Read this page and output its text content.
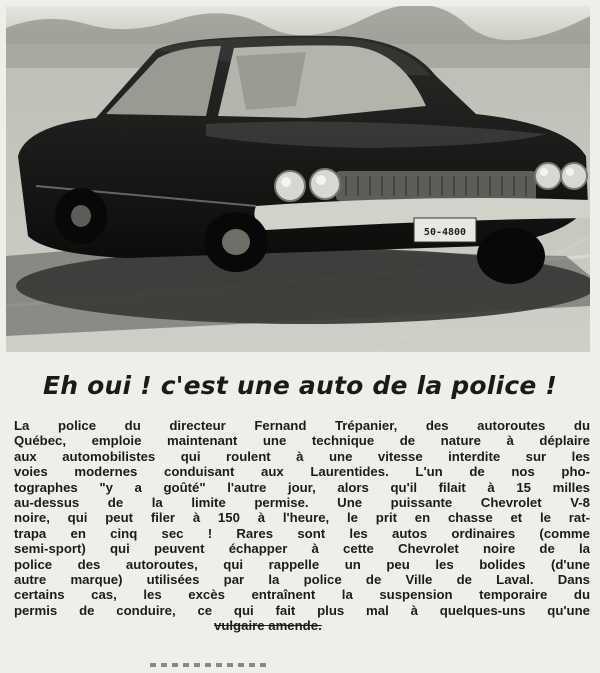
50-4800
Eh oui ! c'est une auto de la police !
La police du directeur Fernand Trépanier, des autoroutes du
Québec, emploie maintenant une technique de nature à déplaire
aux automobilistes qui roulent à une vitesse interdite sur les
voies modernes conduisant aux Laurentides. L'un de nos pho-
tographes "y a goûté" l'autre jour, alors qu'il filait à 15 milles
au-dessus de la limite permise. Une puissante Chevrolet V-8
noire, qui peut filer à 150 à l'heure, le prit en chasse et le rat-
trapa en cinq sec ! Rares sont les autos ordinaires (comme
semi-sport) qui peuvent échapper à cette Chevrolet noire de la
police des autoroutes, qui rappelle un peu les bolides (d'une
autre marque) utilisées par la police de Ville de Laval. Dans
certains cas, les excès entraînent la suspension temporaire du
permis de conduire, ce qui fait plus mal à quelques-uns qu'une
vulgaire amende.
